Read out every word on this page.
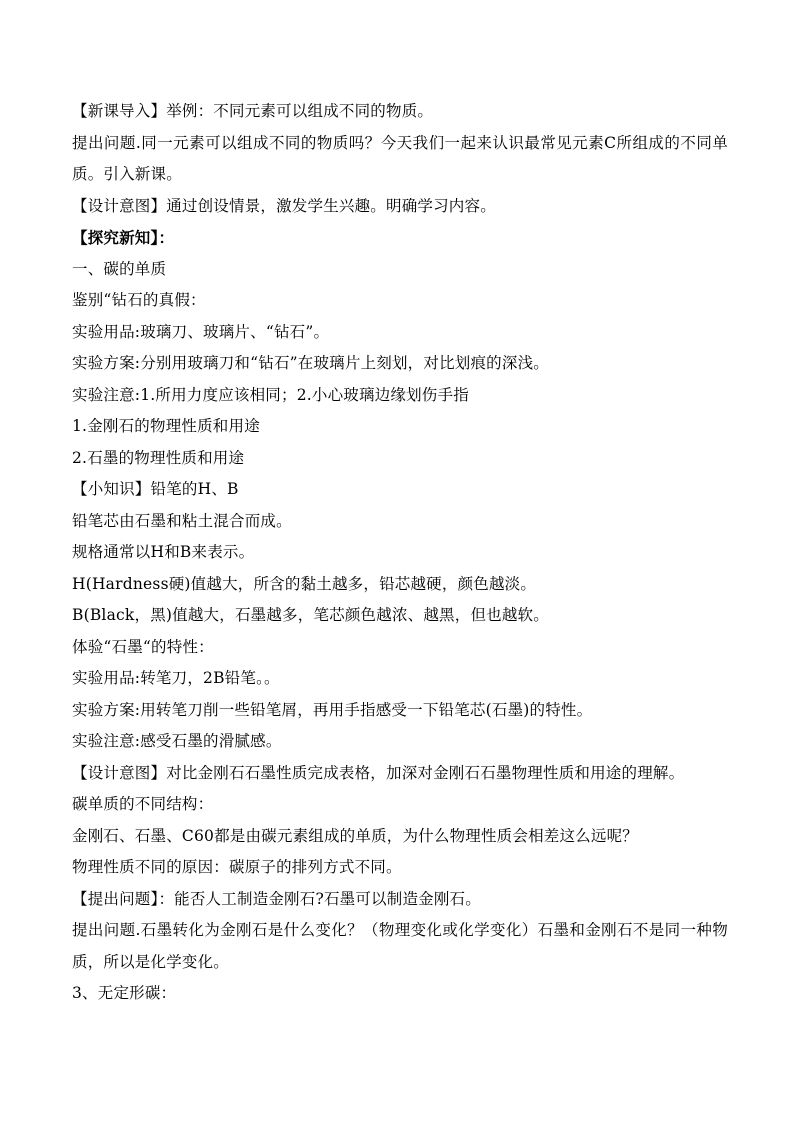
【新课导入】举例：不同元素可以组成不同的物质。
提出问题.同一元素可以组成不同的物质吗？今天我们一起来认识最常见元素C所组成的不同单质。引入新课。
【设计意图】通过创设情景，激发学生兴趣。明确学习内容。
【探究新知】：
一、碳的单质
鉴别“钻石的真假：
实验用品:玻璃刀、玻璃片、“钻石”。
实验方案:分别用玻璃刀和“钻石”在玻璃片上刻划，对比划痕的深浅。
实验注意:1.所用力度应该相同；2.小心玻璃边缘划伤手指
1.金刚石的物理性质和用途
2.石墨的物理性质和用途
【小知识】铅笔的H、B
铅笔芯由石墨和粘土混合而成。
规格通常以H和B来表示。
H(Hardness硬)值越大，所含的黏土越多，铅芯越硬，颜色越淡。
B(Black，黑)值越大，石墨越多，笔芯颜色越浓、越黑，但也越软。
体验“石墨“的特性：
实验用品:转笔刀，2B铅笔。。
实验方案:用转笔刀削一些铅笔屑，再用手指感受一下铅笔芯(石墨)的特性。
实验注意:感受石墨的滑腻感。
【设计意图】对比金刚石石墨性质完成表格，加深对金刚石石墨物理性质和用途的理解。
碳单质的不同结构：
金刚石、石墨、C60都是由碳元素组成的单质，为什么物理性质会相差这么远呢？
物理性质不同的原因：碳原子的排列方式不同。
【提出问题】：能否人工制造金刚石?石墨可以制造金刚石。
提出问题.石墨转化为金刚石是什么变化？（物理变化或化学变化）石墨和金刚石不是同一种物质，所以是化学变化。
3、无定形碳：
